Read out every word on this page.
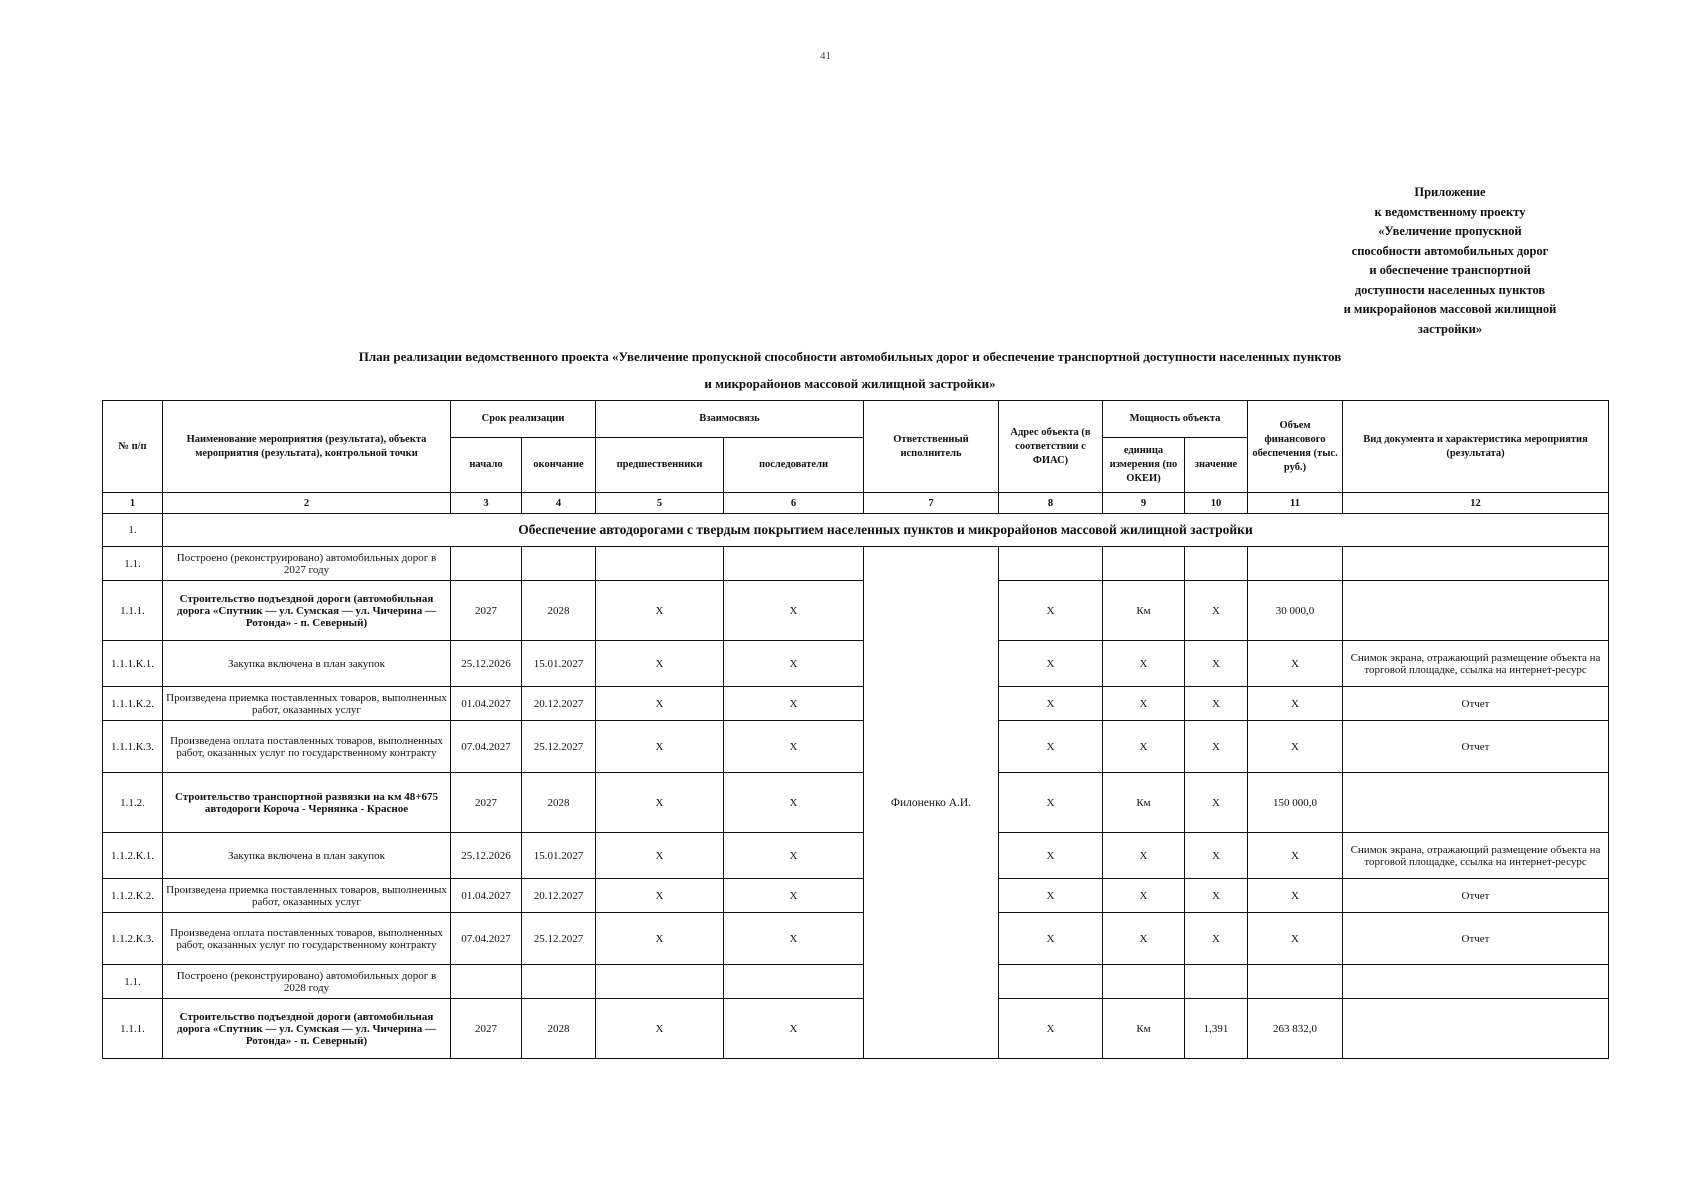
41
Приложение
к ведомственному проекту
«Увеличение пропускной
способности автомобильных дорог
и обеспечение транспортной
доступности населенных пунктов
и микрорайонов массовой жилищной
застройки»
План реализации ведомственного проекта «Увеличение пропускной способности автомобильных дорог и обеспечение транспортной доступности населенных пунктов
и микрорайонов массовой жилищной застройки»
№ п/п	Наименование мероприятия (результата), объекта мероприятия (результата), контрольной точки	Срок реализации		Взаимосвязь		Ответственный исполнитель	Адрес объекта (в соответствии с ФИАС)	Мощность объекта		Объем финансового обеспечения (тыс. руб.)	Вид документа и характеристика мероприятия (результата)
		начало	окончание	предшественники	последователи			единица измерения (по ОКЕИ)	значение		
1	2	3	4	5	6	7	8	9	10	11	12
1.	Обеспечение автодорогами с твердым покрытием населенных пунктов и микрорайонов массовой жилищной застройки										
1.1.	Построено (реконструировано) автомобильных дорог в 2027 году					Филоненко А.И.					
1.1.1.	Строительство подъездной дороги (автомобильная дорога «Спутник — ул. Сумская — ул. Чичерина — Ротонда» - п. Северный)	2027	2028	X	X		X	Км	X	30 000,0	
1.1.1.К.1.	Закупка включена в план закупок	25.12.2026	15.01.2027	X	X		X	X	X	X	Снимок экрана, отражающий размещение объекта на торговой площадке, ссылка на интернет-ресурс
1.1.1.К.2.	Произведена приемка поставленных товаров, выполненных работ, оказанных услуг	01.04.2027	20.12.2027	X	X		X	X	X	X	Отчет
1.1.1.К.3.	Произведена оплата поставленных товаров, выполненных работ, оказанных услуг по государственному контракту	07.04.2027	25.12.2027	X	X		X	X	X	X	Отчет
1.1.2.	Строительство транспортной развязки на км 48+675 автодороги Короча - Чернянка - Красное	2027	2028	X	X		X	Км	X	150 000,0	
1.1.2.К.1.	Закупка включена в план закупок	25.12.2026	15.01.2027	X	X		X	X	X	X	Снимок экрана, отражающий размещение объекта на торговой площадке, ссылка на интернет-ресурс
1.1.2.К.2.	Произведена приемка поставленных товаров, выполненных работ, оказанных услуг	01.04.2027	20.12.2027	X	X		X	X	X	X	Отчет
1.1.2.К.3.	Произведена оплата поставленных товаров, выполненных работ, оказанных услуг по государственному контракту	07.04.2027	25.12.2027	X	X		X	X	X	X	Отчет
1.1.	Построено (реконструировано) автомобильных дорог в 2028 году										
1.1.1.	Строительство подъездной дороги (автомобильная дорога «Спутник — ул. Сумская — ул. Чичерина — Ротонда» - п. Северный)	2027	2028	X	X		X	Км	1,391	263 832,0	
